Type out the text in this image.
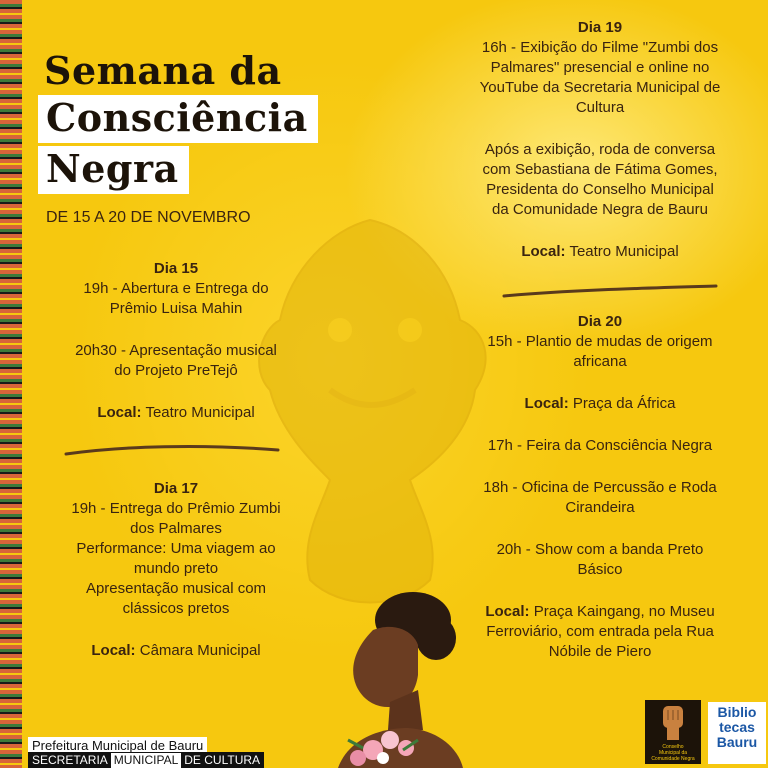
Semana da
Consciência
Negra
DE 15 A 20 DE NOVEMBRO
Dia 15
19h - Abertura e Entrega do
Prêmio Luisa Mahin
20h30 - Apresentação musical
do Projeto PreTejô
Local: Teatro Municipal
Dia 17
19h - Entrega do Prêmio Zumbi
dos Palmares
Performance: Uma viagem ao
mundo preto
Apresentação musical com
clássicos pretos
Local: Câmara Municipal
Dia 19
16h - Exibição do Filme "Zumbi dos
Palmares" presencial e online no
YouTube da Secretaria Municipal de
Cultura
Após a exibição, roda de conversa
com Sebastiana de Fátima Gomes,
Presidenta do Conselho Municipal
da Comunidade Negra de Bauru
Local: Teatro Municipal
Dia 20
15h - Plantio de mudas de origem
africana
Local: Praça da África
17h - Feira da Consciência Negra
18h - Oficina de Percussão e Roda
Cirandeira
20h - Show com a banda Preto
Básico
Local: Praça Kaingang, no Museu
Ferroviário, com entrada pela Rua
Nóbile de Piero
Prefeitura Municipal de Bauru
SECRETARIA MUNICIPAL DE CULTURA
Conselho
Municipal da
Comunidade Negra
Biblio
tecas
Bauru
